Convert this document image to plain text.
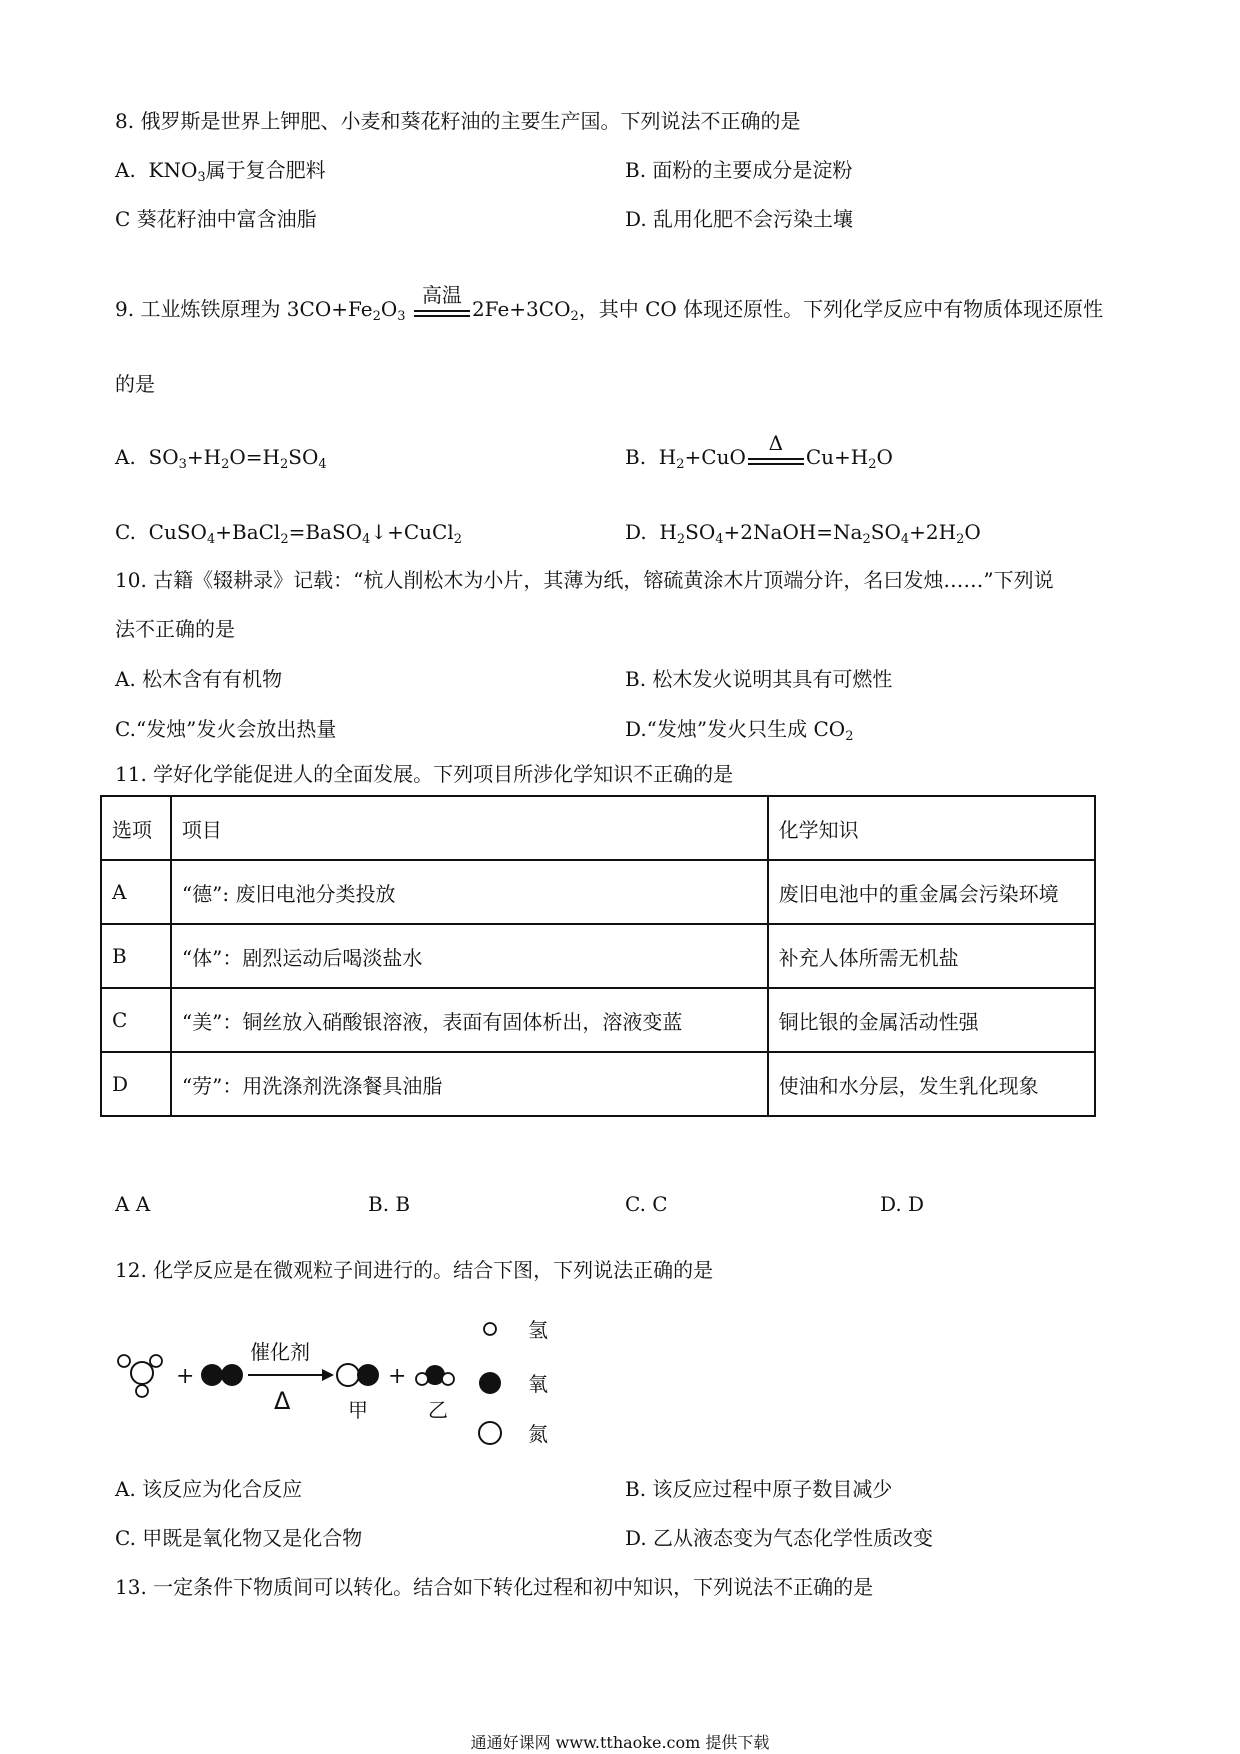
8. 俄罗斯是世界上钾肥、小麦和葵花籽油的主要生产国。下列说法不正确的是
A. $KNO_3$属于复合肥料	B. 面粉的主要成分是淀粉
C 葵花籽油中富含油脂	D. 乱用化肥不会污染土壤
9. 工业炼铁原理为 $3CO+Fe_2O_3$
高温
$2Fe+3CO_2$，其中 CO 体现还原性。下列化学反应中有物质体现还原性
的是
A. $SO_3+H_2O=H_2SO_4$	B. $H_2+CuO$
Δ
$Cu+H_2O$
C. CuSO$_4$+BaCl$_2$=BaSO$_4$↓+CuCl$_2$	D. $H_2SO_4+2NaOH=Na_2SO_4+2H_2O$
10. 古籍《辍耕录》记载：“杭人削松木为小片，其薄为纸，镕硫黄涂木片顶端分许，名曰发烛……”下列说
法不正确的是
A. 松木含有有机物	B. 松木发火说明其具有可燃性
C.“发烛”发火会放出热量	D.“发烛”发火只生成 $CO_2$
11. 学好化学能促进人的全面发展。下列项目所涉化学知识不正确的是
选项	项目	化学知识
A	“德”: 废旧电池分类投放	废旧电池中的重金属会污染环境
B	“体”：剧烈运动后喝淡盐水	补充人体所需无机盐
C	“美”：铜丝放入硝酸银溶液，表面有固体析出，溶液变蓝	铜比银的金属活动性强
D	“劳”：用洗涤剂洗涤餐具油脂	使油和水分层，发生乳化现象
A A	B. B	C. C	D. D
12. 化学反应是在微观粒子间进行的。结合下图，下列说法正确的是
+
催化剂
Δ	甲
+
乙
氢
氧
氮
A. 该反应为化合反应	B. 该反应过程中原子数目减少
C. 甲既是氧化物又是化合物	D. 乙从液态变为气态化学性质改变
13. 一定条件下物质间可以转化。结合如下转化过程和初中知识，下列说法不正确的是
通通好课网 www.tthaoke.com 提供下载
